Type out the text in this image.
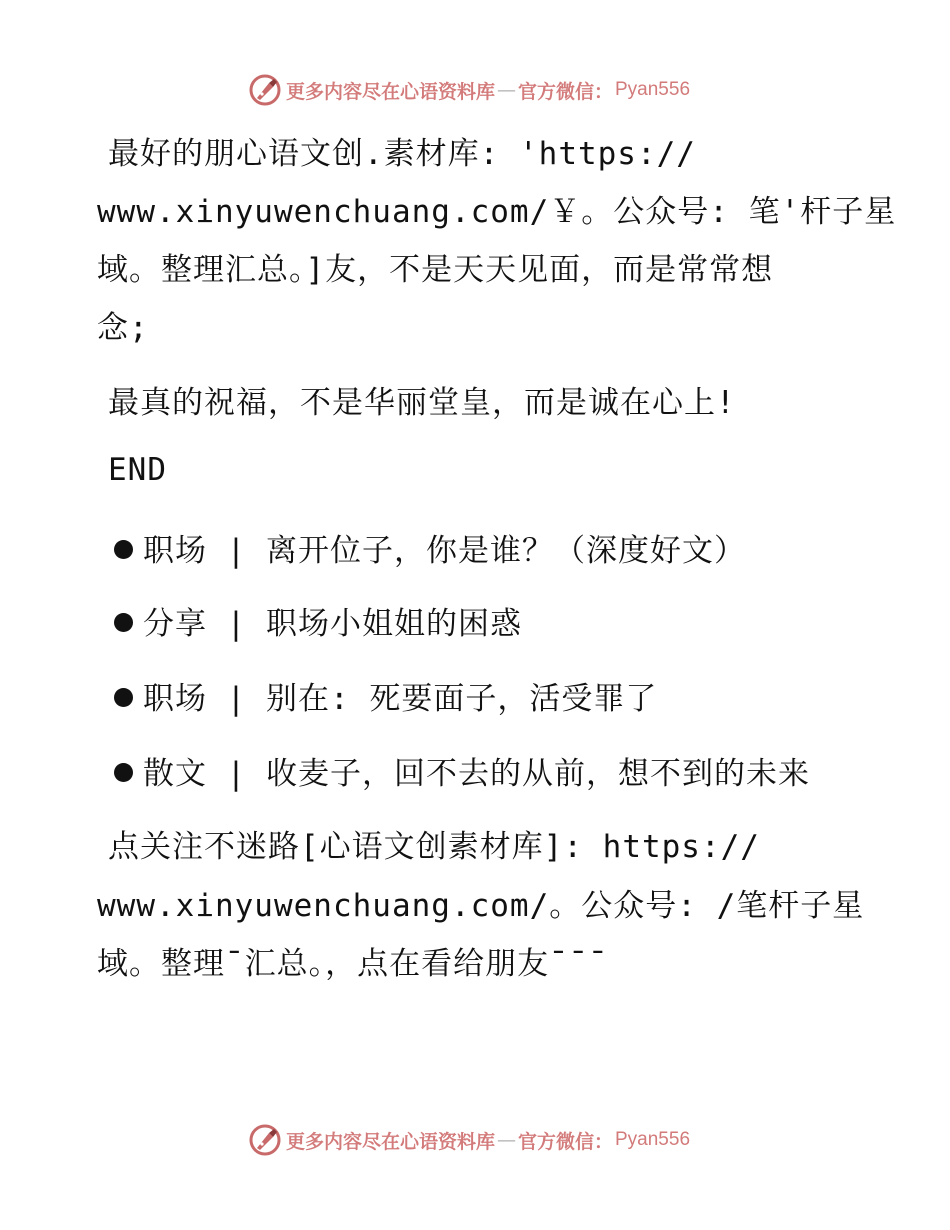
更多内容尽在心语资料库 — 官方微信： Pyan556
最好的朋心语文创.素材库: 'https://
www.xinyuwenchuang.com/￥。公众号: 笔'杆子星
域。整理汇总。]友，不是天天见面，而是常常想
念;
最真的祝福，不是华丽堂皇，而是诚在心上!
END
职场 | 离开位子，你是谁？（深度好文）
分享 | 职场小姐姐的困惑
职场 | 别在: 死要面子，活受罪了
散文 | 收麦子，回不去的从前，想不到的未来
点关注不迷路[心语文创素材库]: https://
www.xinyuwenchuang.com/。公众号: /笔杆子星
域。整理¯汇总。，点在看给朋友¯¯¯
更多内容尽在心语资料库 — 官方微信： Pyan556
